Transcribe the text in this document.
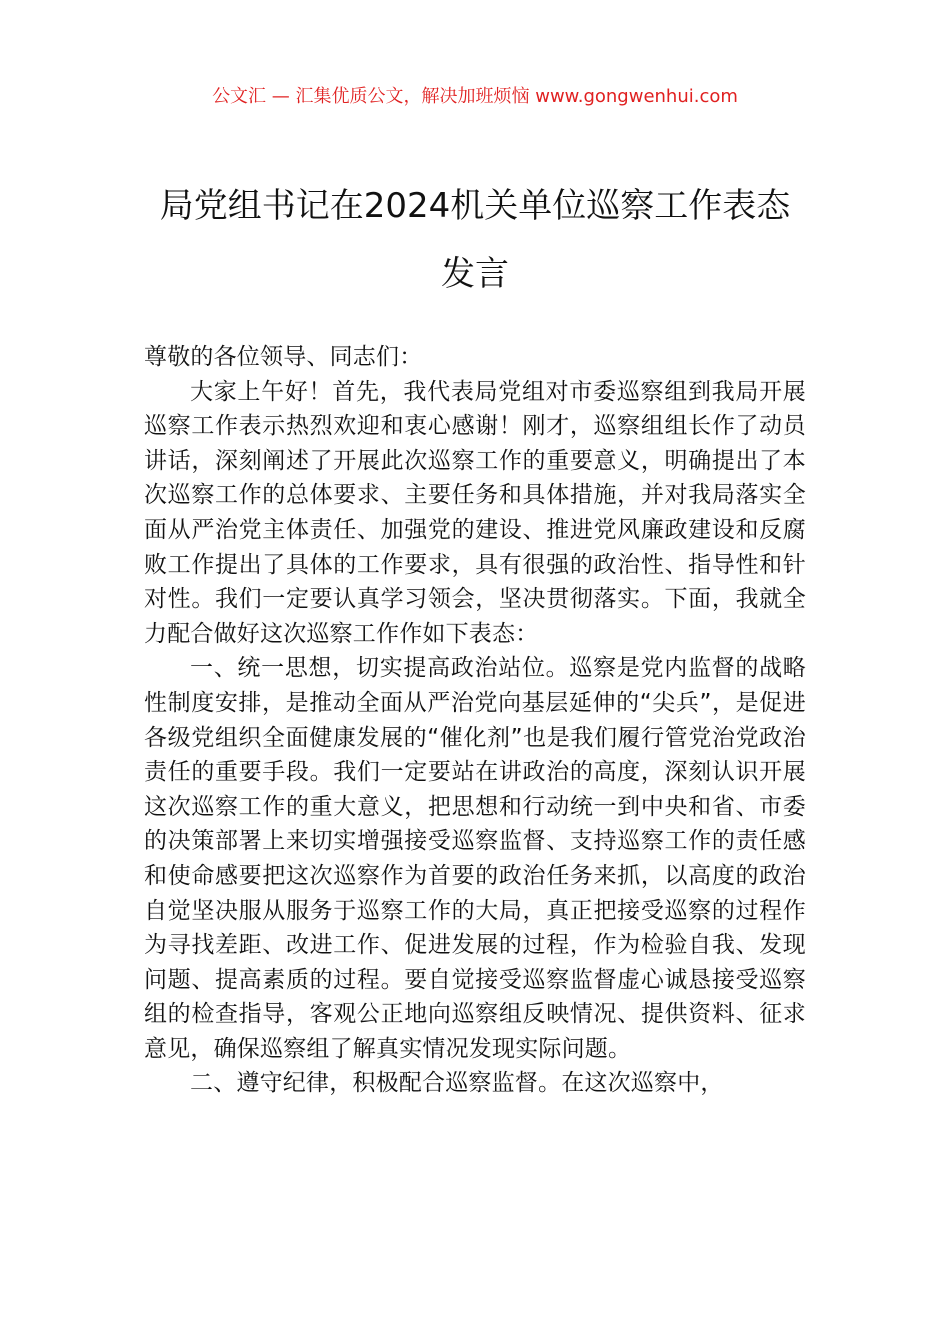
公文汇 — 汇集优质公文，解决加班烦恼 www.gongwenhui.com
局党组书记在2024机关单位巡察工作表态
发言

尊敬的各位领导、同志们：

大家上午好！首先，我代表局党组对市委巡察组到我局开展巡察工作表示热烈欢迎和衷心感谢！刚才，巡察组组长作了动员讲话，深刻阐述了开展此次巡察工作的重要意义，明确提出了本次巡察工作的总体要求、主要任务和具体措施，并对我局落实全面从严治党主体责任、加强党的建设、推进党风廉政建设和反腐败工作提出了具体的工作要求，具有很强的政治性、指导性和针对性。我们一定要认真学习领会，坚决贯彻落实。下面，我就全力配合做好这次巡察工作作如下表态：

一、统一思想，切实提高政治站位。巡察是党内监督的战略性制度安排，是推动全面从严治党向基层延伸的“尖兵”，是促进各级党组织全面健康发展的“催化剂”也是我们履行管党治党政治责任的重要手段。我们一定要站在讲政治的高度，深刻认识开展这次巡察工作的重大意义，把思想和行动统一到中央和省、市委的决策部署上来切实增强接受巡察监督、支持巡察工作的责任感和使命感要把这次巡察作为首要的政治任务来抓，以高度的政治自觉坚决服从服务于巡察工作的大局，真正把接受巡察的过程作为寻找差距、改进工作、促进发展的过程，作为检验自我、发现问题、提高素质的过程。要自觉接受巡察监督虚心诚恳接受巡察组的检查指导，客观公正地向巡察组反映情况、提供资料、征求意见，确保巡察组了解真实情况发现实际问题。

二、遵守纪律，积极配合巡察监督。在这次巡察中，
